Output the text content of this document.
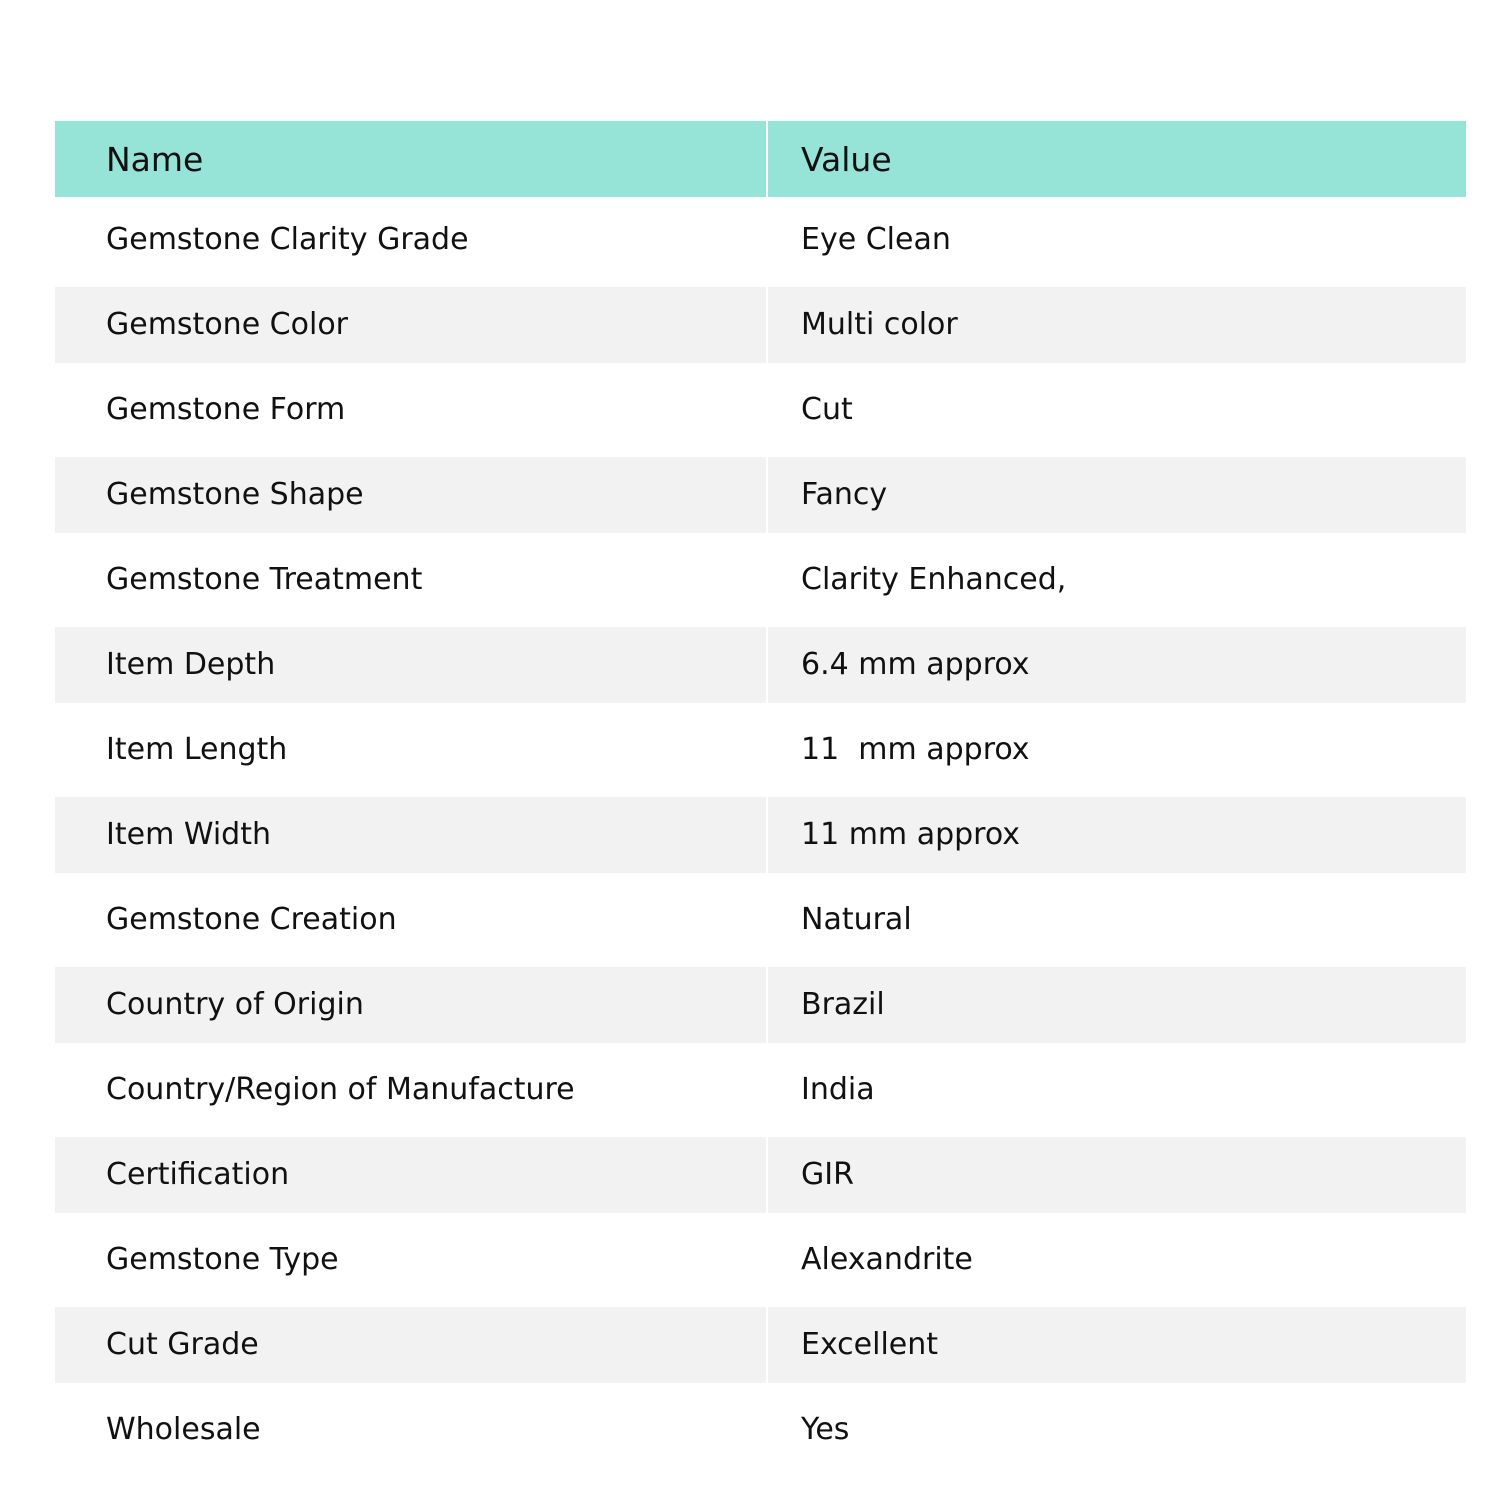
Name	Value
Gemstone Clarity Grade	Eye Clean
Gemstone Color	Multi color
Gemstone Form	Cut
Gemstone Shape	Fancy
Gemstone Treatment	Clarity Enhanced,
Item Depth	6.4 mm approx
Item Length	11  mm approx
Item Width	11 mm approx
Gemstone Creation	Natural
Country of Origin	Brazil
Country/Region of Manufacture	India
Certification	GIR
Gemstone Type	Alexandrite
Cut Grade	Excellent
Wholesale	Yes
